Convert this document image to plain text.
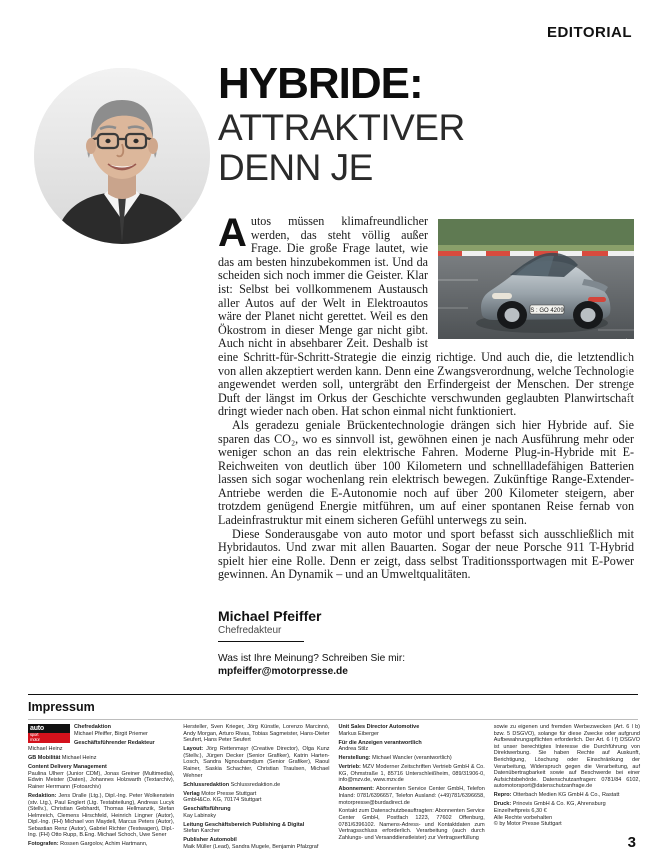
EDITORIAL
HYBRIDE:
ATTRAKTIVER
DENN JE
S : GO 4209
Foto: Rossen Gargolov

Autos müssen klimafreundlicher werden, das steht völlig außer Frage. Die große Frage lautet, wie das am besten hinzubekommen ist. Und da scheiden sich noch immer die Geister. Klar ist: Selbst bei vollkommenem Austausch aller Autos auf der Welt in Elektroautos wäre der Planet nicht gerettet. Weil es den Ökostrom in dieser Menge gar nicht gibt. Auch nicht in absehbarer Zeit. Deshalb ist eine Schritt-für-Schritt-Strategie die einzig richtige. Und auch die, die letztendlich von allen akzeptiert werden kann. Denn eine Zwangsverordnung, welche Technologie angewendet werden soll, untergräbt den Erfindergeist der Menschen. Der strenge Duft der längst im Orkus der Geschichte verschwunden geglaubten Planwirtschaft dringt wieder nach oben. Hat schon einmal nicht funktioniert.

Als geradezu geniale Brückentechnologie drängen sich hier Hybride auf. Sie sparen das CO₂, wo es sinnvoll ist, gewöhnen einen je nach Ausführung mehr oder weniger schon an das rein elektrische Fahren. Moderne Plug-in-Hybride mit E-Reichweiten von deutlich über 100 Kilometern und schnellladefähigen Batterien lassen sich sogar wochenlang rein elektrisch bewegen. Zukünftige Range-Extender-Antriebe werden die E-Autonomie noch auf über 200 Kilometer steigern, aber trotzdem genügend Energie mitführen, um auf einer spontanen Reise fernab von Ladeinfrastruktur mit einem sicheren Gefühl unterwegs zu sein.

Diese Sonderausgabe von auto motor und sport befasst sich ausschließlich mit Hybridautos. Und zwar mit allen Bauarten. Sogar der neue Porsche 911 T-Hybrid spielt hier eine Rolle. Denn er zeigt, dass selbst Traditionssportwagen mit E-Power gewinnen. An Dynamik – und an Umweltqualitäten.

Michael Pfeiffer
Chefredakteur
Was ist Ihre Meinung? Schreiben Sie mir:
mpfeiffer@motorpresse.de
Impressum
auto
sport
motor

Chefredaktion
Michael Pfeiffer, Birgit Priemer

Geschäftsführender Redakteur
Michael Heinz

GB Mobilität Michael Heinz

Content Delivery Management
Paulina Ulherr (Junior CDM), Jonas Greiner (Multimedia), Edwin Meister (Daten), Johannes Holzwarth (Textarchiv), Rainer Herrmann (Fotoarchiv)

Redaktion: Jens Dralle (Ltg.), Dipl.-Ing. Peter Wolkenstein (stv. Ltg.), Paul Englert (Ltg. Testabteilung), Andreas Lucyk (Stellv.), Christian Gebhardt, Thomas Hellmanzik, Stefan Helmreich, Clemens Hirschfeld, Heinrich Lingner (Autor), Dipl.-Ing. (FH) Michael von Maydell, Marcus Peters (Autor), Sebastian Renz (Autor), Gabriel Richter (Testwagen), Dipl.-Ing. (FH) Otto Rupp, B.Eng. Michael Schoch, Uwe Sener

Fotografen: Rossen Gargolov, Achim Hartmann,

Hersteller, Sven Krieger, Jörg Künstle, Lorenzo Marcinnò, Andy Morgan, Arturo Rivas, Tobias Sagmeister, Hans-Dieter Seufert, Hans Peter Seufert

Layout: Jörg Rettenmayr (Creative Director), Olga Kunz (Stellv.), Jürgen Decker (Senior Grafiker), Katrin Harten-Losch, Sandra Ngnoubamdjum (Senior Grafiker), Raoul Rainer, Saskia Schachter, Christian Traulsen, Michael Wehner

Schlussredaktion Schlussredaktion.de

Verlag Motor Presse Stuttgart
GmbH&Co. KG, 70174 Stuttgart

Geschäftsführung
Kay Labinsky

Leitung Geschäftsbereich Publishing & Digital
Stefan Karcher

Publisher Automobil
Maik Müller (Lead), Sandra Mugele, Benjamin Pfalzgraf

Unit Sales Director Automotive
Markus Eiberger

Für die Anzeigen verantwortlich
Andrea Stilz

Herstellung: Michael Wancler (verantwortlich)

Vertrieb: MZV Moderner Zeitschriften Vertrieb GmbH & Co. KG, Ohmstraße 1, 85716 Unterschleißheim, 089/31906-0, info@mzv.de, www.mzv.de

Abonnement: Abonnenten Service Center GmbH, Telefon Inland: 0781/6396657, Telefon Ausland: (+49)781/6396658, motorpresse@burdadirect.de

Kontakt zum Datenschutzbeauftragten: Abonnenten Service Center GmbH, Postfach 1223, 77602 Offenburg, 0781/6396102. Namens-Adress- und Kontaktdaten zum Vertragsschluss erforderlich. Verarbeitung (auch durch Zahlungs- und Versanddienstleister) zur Vertragserfüllung

sowie zu eigenen und fremden Werbezwecken (Art. 6 l b) bzw. 5 DSGVO), solange für diese Zwecke oder aufgrund Aufbewahrungspflichten erforderlich. Der Art. 6 l f) DSGVO ist unser berechtigtes Interesse die Durchführung von Direktwerbung. Sie haben Rechte auf Auskunft, Berichtigung, Löschung oder Einschränkung der Verarbeitung, Widerspruch gegen die Verarbeitung, auf Datenübertragbarkeit sowie auf Beschwerde bei einer Aufsichtsbehörde. Datenschutzanfragen: 0781/84 6102, automotorsport@datenschutzanfrage.de

Repro: Otterbach Medien KG GmbH & Co., Rastatt

Druck: Prinovis GmbH & Co. KG, Ahrensburg
Einzelheftpreis 6,30 €
Alle Rechte vorbehalten
© by Motor Presse Stuttgart

3
